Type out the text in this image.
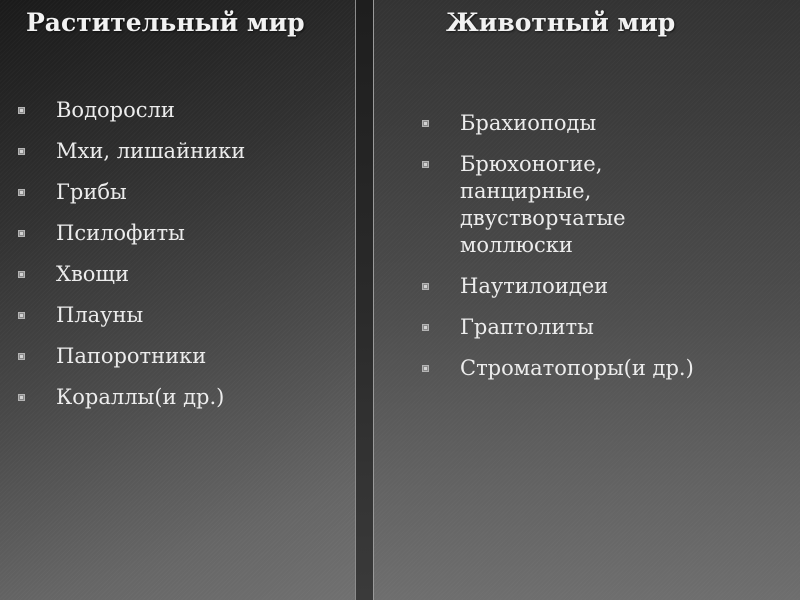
Растительный мир
Водоросли
Мхи, лишайники
Грибы
Псилофиты
Хвощи
Плауны
Папоротники
Кораллы(и др.)
Животный мир
Брахиоподы
Брюхоногие,
панцирные,
двустворчатые
моллюски
Наутилоидеи
Граптолиты
Строматопоры(и др.)
